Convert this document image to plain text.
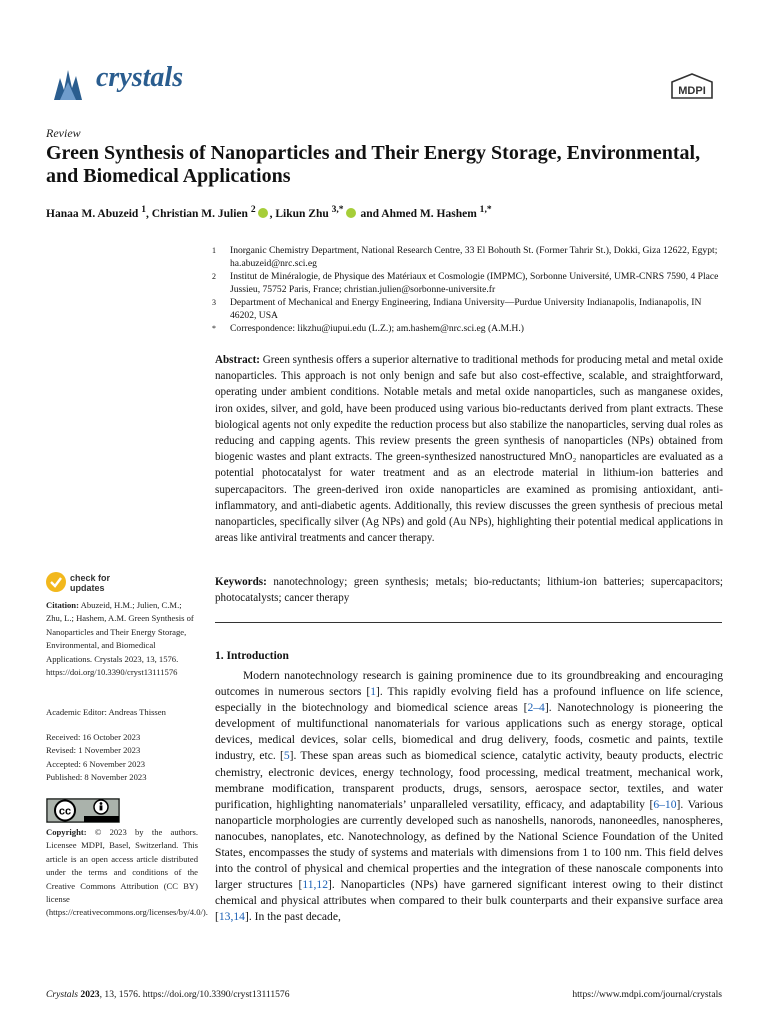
crystals	MDPI
Review
Green Synthesis of Nanoparticles and Their Energy Storage, Environmental, and Biomedical Applications
Hanaa M. Abuzeid $^1$, Christian M. Julien $^2$ , Likun Zhu $^{3,*}$ and Ahmed M. Hashem $^{1,*}$
1	Inorganic Chemistry Department, National Research Centre, 33 El Bohouth St. (Former Tahrir St.), Dokki, Giza 12622, Egypt; ha.abuzeid@nrc.sci.eg
2	Institut de Minéralogie, de Physique des Matériaux et Cosmologie (IMPMC), Sorbonne Université, UMR-CNRS 7590, 4 Place Jussieu, 75752 Paris, France; christian.julien@sorbonne-universite.fr
3	Department of Mechanical and Energy Engineering, Indiana University—Purdue University Indianapolis, Indianapolis, IN 46202, USA
*	Correspondence: likzhu@iupui.edu (L.Z.); am.hashem@nrc.sci.eg (A.M.H.)
Abstract: Green synthesis offers a superior alternative to traditional methods for producing metal and metal oxide nanoparticles. This approach is not only benign and safe but also cost-effective, scalable, and straightforward, operating under ambient conditions. Notable metals and metal oxide nanoparticles, such as manganese oxides, iron oxides, silver, and gold, have been produced using various bio-reductants derived from plant extracts. These biological agents not only expedite the reduction process but also stabilize the nanoparticles, serving dual roles as reducing and capping agents. This review presents the green synthesis of nanoparticles (NPs) obtained from biogenic wastes and plant extracts. The green-synthesized nanostructured MnO₂ nanoparticles are evaluated as a potential photocatalyst for water treatment and as an electrode material in lithium-ion batteries and supercapacitors. The green-derived iron oxide nanoparticles are examined as promising antioxidant, anti-inflammatory, and anti-diabetic agents. Additionally, this review discusses the green synthesis of precious metal nanoparticles, specifically silver (Ag NPs) and gold (Au NPs), highlighting their potential medical applications in areas like antiviral treatments and cancer therapy.
Keywords: nanotechnology; green synthesis; metals; bio-reductants; lithium-ion batteries; supercapacitors; photocatalysts; cancer therapy
1. Introduction
Modern nanotechnology research is gaining prominence due to its groundbreaking and encouraging outcomes in numerous sectors [1]. This rapidly evolving field has a profound influence on life science, especially in the biotechnology and biomedical science areas [2–4]. Nanotechnology is pioneering the development of multifunctional nanomaterials for various applications such as energy storage, optical devices, medical devices, solar cells, biomedical and drug delivery, foods, cosmetic and paints, textile industry, etc. [5]. These span areas such as biomedical science, catalytic activity, beauty products, electric chemistry, electronic devices, energy technology, food processing, medical treatment, mechanical work, membrane modification, transparent products, drugs, sensors, aerospace sector, textiles, and water purification, highlighting nanomaterials’ unparalleled versatility, efficacy, and adaptability [6–10]. Various nanoparticle morphologies are currently developed such as nanoshells, nanorods, nanoneedles, nanospheres, nanocubes, nanoplates, etc. Nanotechnology, as defined by the National Science Foundation of the United States, encompasses the study of systems and materials with dimensions from 1 to 100 nm. This field delves into the control of physical and chemical properties and the integration of these nanoscale components into larger structures [11,12]. Nanoparticles (NPs) have garnered significant interest owing to their distinct chemical and physical attributes when compared to their bulk counterparts and their expansive surface area [13,14]. In the past decade,
check for
updates
Citation: Abuzeid, H.M.; Julien, C.M.; Zhu, L.; Hashem, A.M. Green Synthesis of Nanoparticles and Their Energy Storage, Environmental, and Biomedical Applications. Crystals 2023, 13, 1576. https://doi.org/10.3390/cryst13111576
Academic Editor: Andreas Thissen
Received: 16 October 2023
Revised: 1 November 2023
Accepted: 6 November 2023
Published: 8 November 2023
cc
Copyright: © 2023 by the authors. Licensee MDPI, Basel, Switzerland. This article is an open access article distributed under the terms and conditions of the Creative Commons Attribution (CC BY) license (https://creativecommons.org/licenses/by/4.0/).
Crystals 2023, 13, 1576. https://doi.org/10.3390/cryst13111576	https://www.mdpi.com/journal/crystals
